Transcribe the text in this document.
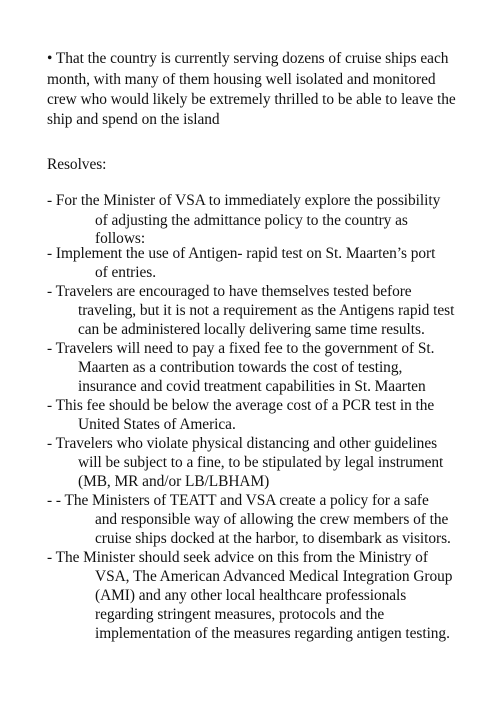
• That the country is currently serving dozens of cruise ships each
month, with many of them housing well isolated and monitored
crew who would likely be extremely thrilled to be able to leave the
ship and spend on the island
Resolves:
- For the Minister of VSA to immediately explore the possibility
of adjusting the admittance policy to the country as
follows:
- Implement the use of Antigen- rapid test on St. Maarten’s port
of entries.
- Travelers are encouraged to have themselves tested before
traveling, but it is not a requirement as the Antigens rapid test
can be administered locally delivering same time results.
- Travelers will need to pay a fixed fee to the government of St.
Maarten as a contribution towards the cost of testing,
insurance and covid treatment capabilities in St. Maarten
- This fee should be below the average cost of a PCR test in the
United States of America.
- Travelers who violate physical distancing and other guidelines
will be subject to a fine, to be stipulated by legal instrument
(MB, MR and/or LB/LBHAM)
- - The Ministers of TEATT and VSA create a policy for a safe
and responsible way of allowing the crew members of the
cruise ships docked at the harbor, to disembark as visitors.
- The Minister should seek advice on this from the Ministry of
VSA, The American Advanced Medical Integration Group
(AMI) and any other local healthcare professionals
regarding stringent measures, protocols and the
implementation of the measures regarding antigen testing.
